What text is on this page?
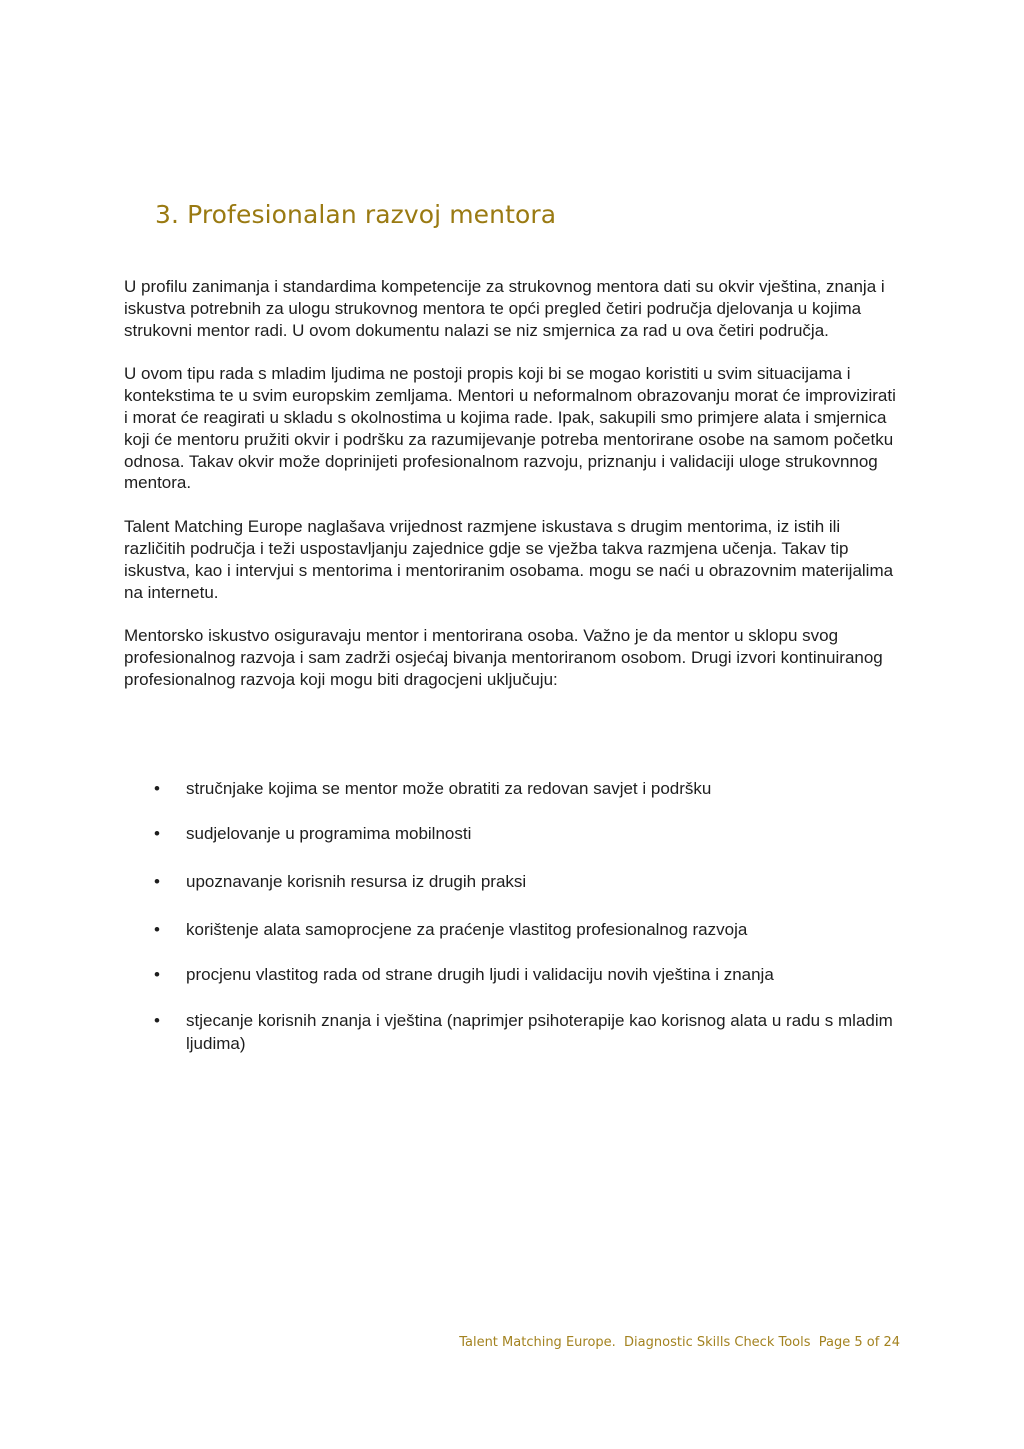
3. Profesionalan razvoj mentora

U profilu zanimanja i standardima kompetencije za strukovnog mentora dati su okvir vještina, znanja i iskustva potrebnih za ulogu strukovnog mentora te opći pregled četiri područja djelovanja u kojima strukovni mentor radi. U ovom dokumentu nalazi se niz smjernica za rad u ova četiri područja.

U ovom tipu rada s mladim ljudima ne postoji propis koji bi se mogao koristiti u svim situacijama i kontekstima te u svim europskim zemljama. Mentori u neformalnom obrazovanju morat će improvizirati i morat će reagirati u skladu s okolnostima u kojima rade. Ipak, sakupili smo primjere alata i smjernica koji će mentoru pružiti okvir i podršku za razumijevanje potreba mentorirane osobe na samom početku odnosa. Takav okvir može doprinijeti profesionalnom razvoju, priznanju i validaciji uloge strukovnnog mentora.

Talent Matching Europe naglašava vrijednost razmjene iskustava s drugim mentorima, iz istih ili različitih područja i teži uspostavljanju zajednice gdje se vježba takva razmjena učenja. Takav tip iskustva, kao i intervjui s mentorima i mentoriranim osobama. mogu se naći u obrazovnim materijalima na internetu.

Mentorsko iskustvo osiguravaju mentor i mentorirana osoba. Važno je da mentor u sklopu svog profesionalnog razvoja i sam zadrži osjećaj bivanja mentoriranom osobom. Drugi izvori kontinuiranog profesionalnog razvoja koji mogu biti dragocjeni uključuju:

• stručnjake kojima se mentor može obratiti za redovan savjet i podršku
• sudjelovanje u programima mobilnosti
• upoznavanje korisnih resursa iz drugih praksi
• korištenje alata samoprocjene za praćenje vlastitog profesionalnog razvoja
• procjenu vlastitog rada od strane drugih ljudi i validaciju novih vještina i znanja
• stjecanje korisnih znanja i vještina (naprimjer psihoterapije kao korisnog alata u radu s mladim ljudima)
Talent Matching Europe.  Diagnostic Skills Check Tools  Page 5 of 24
